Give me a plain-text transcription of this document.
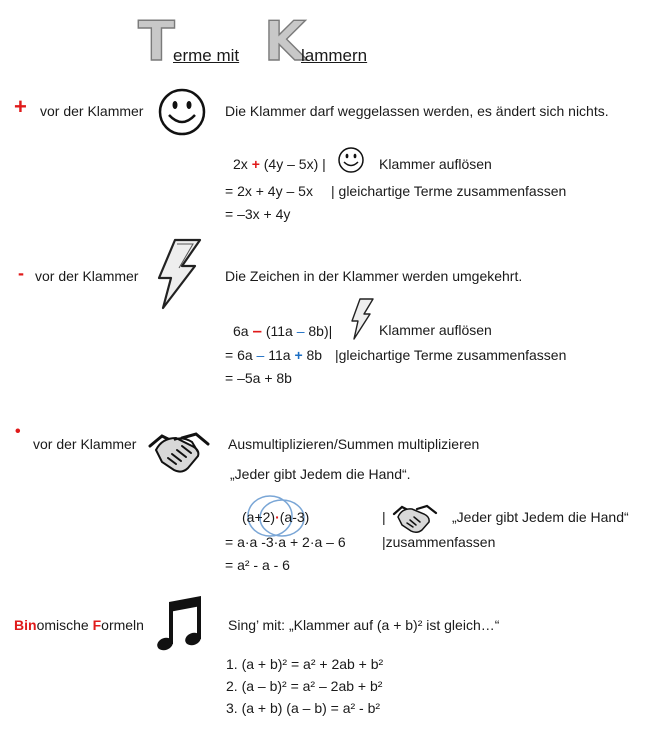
T
erme mit K
lammern
+ vor der Klammer	Die Klammer darf weggelassen werden, es ändert sich nichts.
2x + (4y – 5x) |	Klammer auflösen
= 2x + 4y – 5x | gleichartige Terme zusammenfassen
= –3x + 4y
- vor der Klammer	Die Zeichen in der Klammer werden umgekehrt.
6a – (11a – 8b)|	Klammer auflösen
= 6a – 11a + 8b |gleichartige Terme zusammenfassen
= –5a + 8b
•
vor der Klammer	Ausmultiplizieren/Summen multiplizieren
„Jeder gibt Jedem die Hand“.
(a+2)·(a-3)	|	„Jeder gibt Jedem die Hand“
= a·a -3·a + 2·a – 6	|zusammenfassen
= a² - a - 6
Binomische Formeln	Sing’ mit: „Klammer auf (a + b)² ist gleich…“
1. (a + b)² = a² + 2ab + b²
2. (a – b)² = a² – 2ab + b²
3. (a + b) (a – b) = a² - b²
